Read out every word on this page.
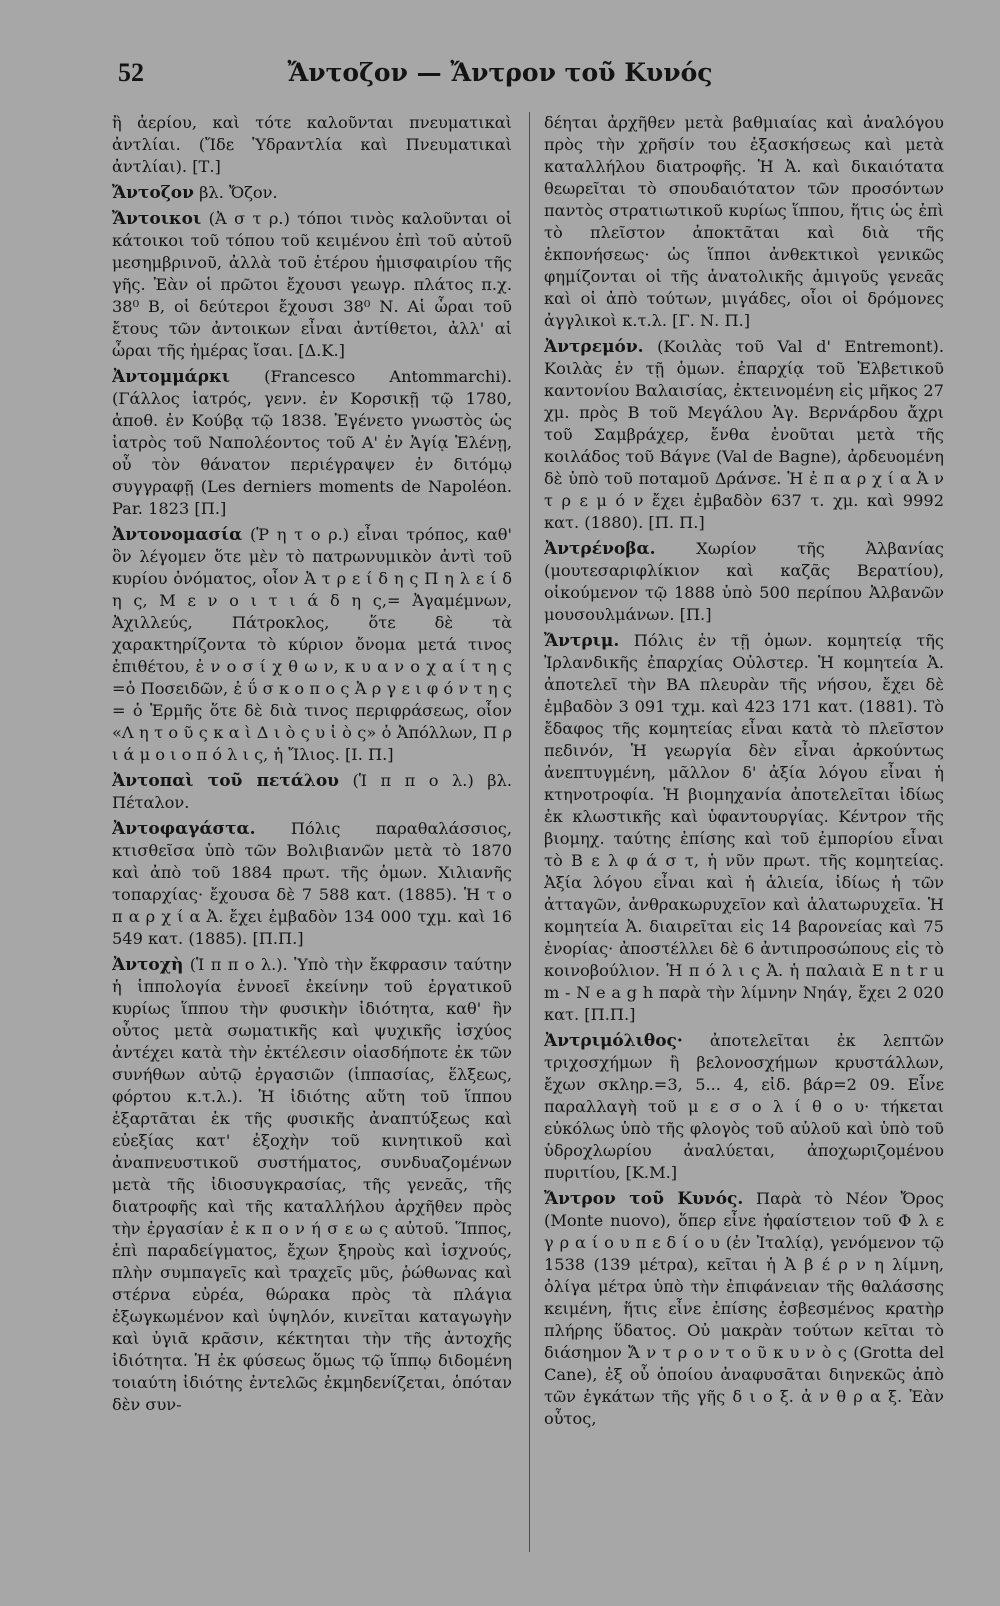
52	Ἄντοζον — Ἄντρον τοῦ Κυνός

ἢ ἀερίου, καὶ τότε καλοῦνται πνευματικαὶ ἀντλίαι. (Ἴδε Ὑδραντλία καὶ Πνευματικαὶ ἀντλίαι). [Τ.]

Ἄντοζον βλ. Ὄζον.

Ἄντοικοι (Ἀ σ τ ρ.) τόποι τινὸς καλοῦνται οἱ κάτοικοι τοῦ τόπου τοῦ κειμένου ἐπὶ τοῦ αὐτοῦ μεσημβρινοῦ, ἀλλὰ τοῦ ἑτέρου ἡμισφαιρίου τῆς γῆς. Ἐὰν οἱ πρῶτοι ἔχουσι γεωγρ. πλάτος π.χ. 38⁰ Β, οἱ δεύτεροι ἔχουσι 38⁰ Ν. Αἱ ὧραι τοῦ ἔτους τῶν ἀντοικων εἶναι ἀντίθετοι, ἀλλ' αἱ ὧραι τῆς ἡμέρας ἴσαι. [Δ.Κ.]

Ἀντομμάρκι (Francesco Antommarchi). (Γάλλος ἰατρός, γενν. ἐν Κορσικῇ τῷ 1780, ἀποθ. ἐν Κούβᾳ τῷ 1838. Ἐγένετο γνωστὸς ὡς ἰατρὸς τοῦ Ναπολέοντος τοῦ Α' ἐν Ἁγίᾳ Ἑλένῃ, οὗ τὸν θάνατον περιέγραψεν ἐν διτόμῳ συγγραφῇ (Les derniers moments de Napoléon. Par. 1823 [Π.]

Ἀντονομασία (Ῥ η τ ο ρ.) εἶναι τρόπος, καθ' ὃν λέγομεν ὅτε μὲν τὸ πατρωνυμικὸν ἀντὶ τοῦ κυρίου ὀνόματος, οἷον Ἀ τ ρ ε ί δ η ς Π η λ ε ί δ η ς, Μ ε ν ο ι τ ι ά δ η ς,= Ἀγαμέμνων, Ἀχιλλεύς, Πάτροκλος, ὅτε δὲ τὰ χαρακτηρίζοντα τὸ κύριον ὄνομα μετά τινος ἐπιθέτου, ἐ ν ο σ ί χ θ ω ν, κ υ α ν ο χ α ί τ η ς =ὁ Ποσειδῶν, ἐ ΰ σ κ ο π ο ς Ἀ ρ γ ε ι φ ό ν τ η ς = ὁ Ἑρμῆς ὅτε δὲ διὰ τινος περιφράσεως, οἷον «Λ η τ ο ῦ ς κ α ὶ Δ ι ὸ ς υ ἱ ὸ ς» ὁ Ἀπόλλων, Π ρ ι ά μ ο ι ο π ό λ ι ς, ἡ Ἴλιος. [Ι. Π.]

Ἀντοπαὶ τοῦ πετάλου (Ἱ π π ο λ.) βλ. Πέταλον.

Ἀντοφαγάστα. Πόλις παραθαλάσσιος, κτισθεῖσα ὑπὸ τῶν Βολιβιανῶν μετὰ τὸ 1870 καὶ ἀπὸ τοῦ 1884 πρωτ. τῆς ὁμων. Χιλιανῆς τοπαρχίας· ἔχουσα δὲ 7 588 κατ. (1885). Ἡ τ ο π α ρ χ ί α Ἀ. ἔχει ἐμβαδὸν 134 000 τχμ. καὶ 16 549 κατ. (1885). [Π.Π.]

Ἀντοχὴ (Ἱ π π ο λ.). Ὑπὸ τὴν ἔκφρασιν ταύτην ἡ ἱππολογία ἐννοεῖ ἐκείνην τοῦ ἐργατικοῦ κυρίως ἵππου τὴν φυσικὴν ἰδιότητα, καθ' ἣν οὗτος μετὰ σωματικῆς καὶ ψυχικῆς ἰσχύος ἀντέχει κατὰ τὴν ἐκτέλεσιν οἱασδήποτε ἐκ τῶν συνήθων αὐτῷ ἐργασιῶν (ἱππασίας, ἕλξεως, φόρτου κ.τ.λ.). Ἡ ἰδιότης αὕτη τοῦ ἵππου ἐξαρτᾶται ἐκ τῆς φυσικῆς ἀναπτύξεως καὶ εὐεξίας κατ' ἐξοχὴν τοῦ κινητικοῦ καὶ ἀναπνευστικοῦ συστήματος, συνδυαζομένων μετὰ τῆς ἰδιοσυγκρασίας, τῆς γενεᾶς, τῆς διατροφῆς καὶ τῆς καταλλήλου ἀρχῆθεν πρὸς τὴν ἐργασίαν ἐ κ π ο ν ή σ ε ω ς αὐτοῦ. Ἵππος, ἐπὶ παραδείγματος, ἔχων ξηροὺς καὶ ἰσχνούς, πλὴν συμπαγεῖς καὶ τραχεῖς μῦς, ῥώθωνας καὶ στέρνα εὐρέα, θώρακα πρὸς τὰ πλάγια ἐξωγκωμένον καὶ ὑψηλόν, κινεῖται καταγωγὴν καὶ ὑγιᾶ κρᾶσιν, κέκτηται τὴν τῆς ἀντοχῆς ἰδιότητα. Ἡ ἐκ φύσεως ὅμως τῷ ἵππῳ διδομένη τοιαύτη ἰδιότης ἐντελῶς ἐκμηδενίζεται, ὁπόταν δὲν συν-

δέηται ἀρχῆθεν μετὰ βαθμιαίας καὶ ἀναλόγου πρὸς τὴν χρῆσίν του ἐξασκήσεως καὶ μετὰ καταλλήλου διατροφῆς. Ἡ Ἀ. καὶ δικαιότατα θεωρεῖται τὸ σπουδαιότατον τῶν προσόντων παντὸς στρατιωτικοῦ κυρίως ἵππου, ἥτις ὡς ἐπὶ τὸ πλεῖστον ἀποκτᾶται καὶ διὰ τῆς ἐκπονήσεως· ὡς ἵπποι ἀνθεκτικοὶ γενικῶς φημίζονται οἱ τῆς ἀνατολικῆς ἀμιγοῦς γενεᾶς καὶ οἱ ἀπὸ τούτων, μιγάδες, οἷοι οἱ δρόμονες ἀγγλικοὶ κ.τ.λ. [Γ. Ν. Π.]

Ἀντρεμόν. (Κοιλὰς τοῦ Val d' Entremont). Κοιλὰς ἐν τῇ ὁμων. ἐπαρχίᾳ τοῦ Ἑλβετικοῦ καντονίου Βαλαισίας, ἐκτεινομένη εἰς μῆκος 27 χμ. πρὸς Β τοῦ Μεγάλου Ἁγ. Βερνάρδου ἄχρι τοῦ Σαμβράχερ, ἔνθα ἑνοῦται μετὰ τῆς κοιλάδος τοῦ Βάγνε (Val de Bagne), ἀρδευομένη δὲ ὑπὸ τοῦ ποταμοῦ Δράνσε. Ἡ ἐ π α ρ χ ί α Ἀ ν τ ρ ε μ ό ν ἔχει ἐμβαδὸν 637 τ. χμ. καὶ 9992 κατ. (1880). [Π. Π.]

Ἀντρένοβα.	Χωρίον τῆς Ἀλβανίας (μουτεσαριφλίκιον καὶ καζᾶς Βερατίου), οἰκούμενον τῷ 1888 ὑπὸ 500 περίπου Ἀλβανῶν μουσουλμάνων. [Π.]

Ἄντριμ. Πόλις ἐν τῇ ὁμων. κομητείᾳ τῆς Ἰρλανδικῆς ἐπαρχίας Οὐλστερ. Ἡ κομητεία Ἀ. ἀποτελεῖ τὴν ΒΑ πλευρὰν τῆς νήσου, ἔχει δὲ ἐμβαδὸν 3 091 τχμ. καὶ 423 171 κατ. (1881). Τὸ ἔδαφος τῆς κομητείας εἶναι κατὰ τὸ πλεῖστον πεδινόν, Ἡ γεωργία δὲν εἶναι ἀρκούντως ἀνεπτυγμένη, μᾶλλον δ' ἀξία λόγου εἶναι ἡ κτηνοτροφία. Ἡ βιομηχανία ἀποτελεῖται ἰδίως ἐκ κλωστικῆς καὶ ὑφαντουργίας. Κέντρον τῆς βιομηχ. ταύτης ἐπίσης καὶ τοῦ ἐμπορίου εἶναι τὸ Β ε λ φ ά σ τ, ἡ νῦν πρωτ. τῆς κομητείας. Ἀξία λόγου εἶναι καὶ ἡ ἁλιεία, ἰδίως ἡ τῶν ἀτταγῶν, ἀνθρακωρυχεῖον καὶ ἁλατωρυχεῖα. Ἡ κομητεία Ἀ. διαιρεῖται εἰς 14 βαρονείας καὶ 75 ἐνορίας· ἀποστέλλει δὲ 6 ἀντιπροσώπους εἰς τὸ κοινοβούλιον. Ἡ π ό λ ι ς Ἀ. ἡ παλαιὰ E n t r u m - N e a g h παρὰ τὴν λίμνην Νηάγ, ἔχει 2 020 κατ. [Π.Π.]

Ἀντριμόλιθος· ἀποτελεῖται ἐκ λεπτῶν τριχοσχήμων ἢ βελονοσχήμων κρυστάλλων, ἔχων σκληρ.=3, 5... 4, εἰδ. βάρ=2 09. Εἶνε παραλλαγὴ τοῦ μ ε σ ο λ ί θ ο υ· τήκεται εὐκόλως ὑπὸ τῆς φλογὸς τοῦ αὐλοῦ καὶ ὑπὸ τοῦ ὑδροχλωρίου ἀναλύεται, ἀποχωριζομένου πυριτίου, [Κ.Μ.]

Ἄντρον τοῦ Κυνός. Παρὰ τὸ Νέον Ὄρος (Monte nuovo), ὅπερ εἶνε ἡφαίστειον τοῦ Φ λ ε γ ρ α ί ο υ π ε δ ί ο υ (ἐν Ἰταλίᾳ), γενόμενον τῷ 1538 (139 μέτρα), κεῖται ἡ Ἀ β έ ρ ν η λίμνη, ὀλίγα μέτρα ὑπὸ τὴν ἐπιφάνειαν τῆς θαλάσσης κειμένη, ἥτις εἶνε ἐπίσης ἐσβεσμένος κρατὴρ πλήρης ὕδατος. Οὐ μακρὰν τούτων κεῖται τὸ διάσημον Ἄ ν τ ρ ο ν τ ο ῦ κ υ ν ὸ ς (Grotta del Cane), ἐξ οὗ ὁποίου ἀναφυσᾶται διηνεκῶς ἀπὸ τῶν ἐγκάτων τῆς γῆς δ ι ο ξ. ἀ ν θ ρ α ξ. Ἐὰν οὗτος,
